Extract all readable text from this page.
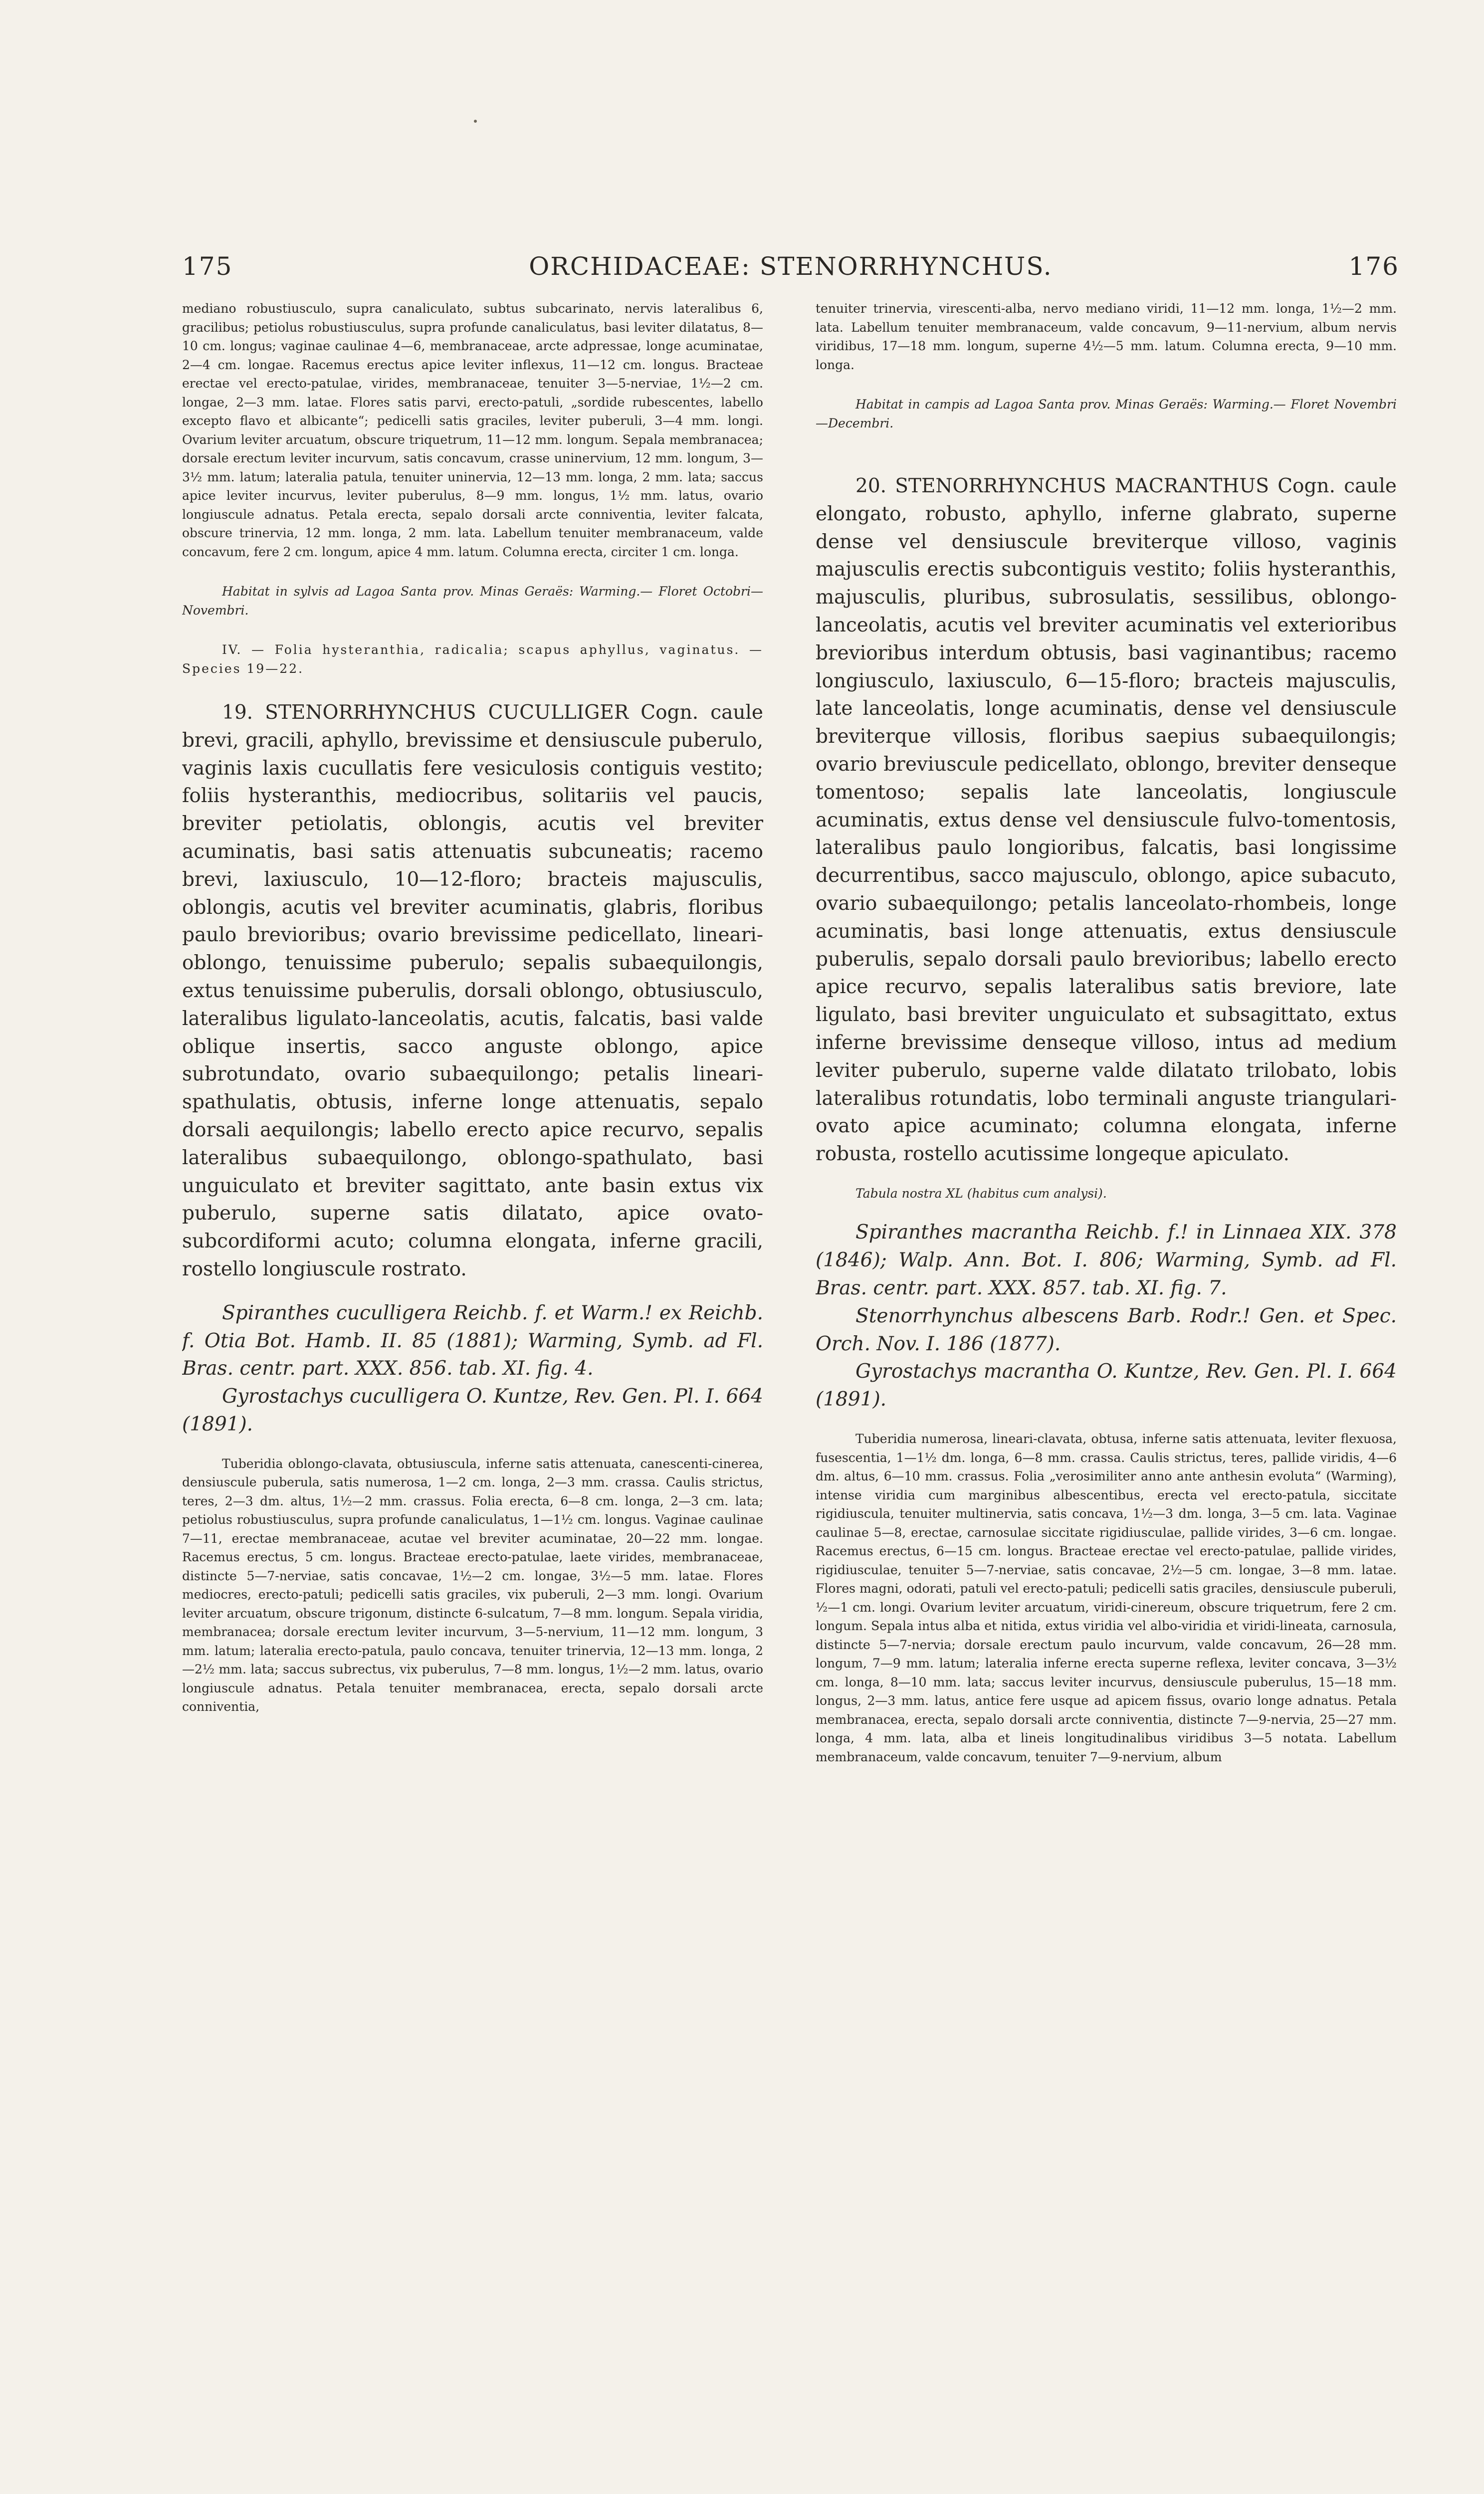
175	ORCHIDACEAE: STENORRHYNCHUS.	176

mediano robustiusculo, supra canaliculato, subtus subcarinato, nervis lateralibus 6, gracilibus; petiolus robustiusculus, supra profunde canaliculatus, basi leviter dilatatus, 8—10 cm. longus; vaginae caulinae 4—6, membranaceae, arcte adpressae, longe acuminatae, 2—4 cm. longae. Racemus erectus apice leviter inflexus, 11—12 cm. longus. Bracteae erectae vel erecto-patulae, virides, membranaceae, tenuiter 3—5-nerviae, 1½—2 cm. longae, 2—3 mm. latae. Flores satis parvi, erecto-patuli, „sordide rubescentes, labello excepto flavo et albicante“; pedicelli satis graciles, leviter puberuli, 3—4 mm. longi. Ovarium leviter arcuatum, obscure triquetrum, 11—12 mm. longum. Sepala membranacea; dorsale erectum leviter incurvum, satis concavum, crasse uninervium, 12 mm. longum, 3—3½ mm. latum; lateralia patula, tenuiter uninervia, 12—13 mm. longa, 2 mm. lata; saccus apice leviter incurvus, leviter puberulus, 8—9 mm. longus, 1½ mm. latus, ovario longiuscule adnatus. Petala erecta, sepalo dorsali arcte conniventia, leviter falcata, obscure trinervia, 12 mm. longa, 2 mm. lata. Labellum tenuiter membranaceum, valde concavum, fere 2 cm. longum, apice 4 mm. latum. Columna erecta, circiter 1 cm. longa.

Habitat in sylvis ad Lagoa Santa prov. Minas Geraës: Warming.— Floret Octobri—Novembri.

IV. — Folia hysteranthia, radicalia; scapus aphyllus, vaginatus. — Species 19—22.

19. STENORRHYNCHUS CUCULLIGER Cogn. caule brevi, gracili, aphyllo, brevissime et densiuscule puberulo, vaginis laxis cucullatis fere vesiculosis contiguis vestito; foliis hysteranthis, mediocribus, solitariis vel paucis, breviter petiolatis, oblongis, acutis vel breviter acuminatis, basi satis attenuatis subcuneatis; racemo brevi, laxiusculo, 10—12-floro; bracteis majusculis, oblongis, acutis vel breviter acuminatis, glabris, floribus paulo brevioribus; ovario brevissime pedicellato, lineari-oblongo, tenuissime puberulo; sepalis subaequilongis, extus tenuissime puberulis, dorsali oblongo, obtusiusculo, lateralibus ligulato-lanceolatis, acutis, falcatis, basi valde oblique insertis, sacco anguste oblongo, apice subrotundato, ovario subaequilongo; petalis lineari-spathulatis, obtusis, inferne longe attenuatis, sepalo dorsali aequilongis; labello erecto apice recurvo, sepalis lateralibus subaequilongo, oblongo-spathulato, basi unguiculato et breviter sagittato, ante basin extus vix puberulo, superne satis dilatato, apice ovato-subcordiformi acuto; columna elongata, inferne gracili, rostello longiuscule rostrato.

Spiranthes cuculligera Reichb. f. et Warm.! ex Reichb. f. Otia Bot. Hamb. II. 85 (1881); Warming, Symb. ad Fl. Bras. centr. part. XXX. 856. tab. XI. fig. 4.

Gyrostachys cuculligera O. Kuntze, Rev. Gen. Pl. I. 664 (1891).

Tuberidia oblongo-clavata, obtusiuscula, inferne satis attenuata, canescenti-cinerea, densiuscule puberula, satis numerosa, 1—2 cm. longa, 2—3 mm. crassa. Caulis strictus, teres, 2—3 dm. altus, 1½—2 mm. crassus. Folia erecta, 6—8 cm. longa, 2—3 cm. lata; petiolus robustiusculus, supra profunde canaliculatus, 1—1½ cm. longus. Vaginae caulinae 7—11, erectae membranaceae, acutae vel breviter acuminatae, 20—22 mm. longae. Racemus erectus, 5 cm. longus. Bracteae erecto-patulae, laete virides, membranaceae, distincte 5—7-nerviae, satis concavae, 1½—2 cm. longae, 3½—5 mm. latae. Flores mediocres, erecto-patuli; pedicelli satis graciles, vix puberuli, 2—3 mm. longi. Ovarium leviter arcuatum, obscure trigonum, distincte 6-sulcatum, 7—8 mm. longum. Sepala viridia, membranacea; dorsale erectum leviter incurvum, 3—5-nervium, 11—12 mm. longum, 3 mm. latum; lateralia erecto-patula, paulo concava, tenuiter trinervia, 12—13 mm. longa, 2—2½ mm. lata; saccus subrectus, vix puberulus, 7—8 mm. longus, 1½—2 mm. latus, ovario longiuscule adnatus. Petala tenuiter membranacea, erecta, sepalo dorsali arcte conniventia,

tenuiter trinervia, virescenti-alba, nervo mediano viridi, 11—12 mm. longa, 1½—2 mm. lata. Labellum tenuiter membranaceum, valde concavum, 9—11-nervium, album nervis viridibus, 17—18 mm. longum, superne 4½—5 mm. latum. Columna erecta, 9—10 mm. longa.

Habitat in campis ad Lagoa Santa prov. Minas Geraës: Warming.— Floret Novembri—Decembri.

20. STENORRHYNCHUS MACRANTHUS Cogn. caule elongato, robusto, aphyllo, inferne glabrato, superne dense vel densiuscule breviterque villoso, vaginis majusculis erectis subcontiguis vestito; foliis hysteranthis, majusculis, pluribus, subrosulatis, sessilibus, oblongo-lanceolatis, acutis vel breviter acuminatis vel exterioribus brevioribus interdum obtusis, basi vaginantibus; racemo longiusculo, laxiusculo, 6—15-floro; bracteis majusculis, late lanceolatis, longe acuminatis, dense vel densiuscule breviterque villosis, floribus saepius subaequilongis; ovario breviuscule pedicellato, oblongo, breviter denseque tomentoso; sepalis late lanceolatis, longiuscule acuminatis, extus dense vel densiuscule fulvo-tomentosis, lateralibus paulo longioribus, falcatis, basi longissime decurrentibus, sacco majusculo, oblongo, apice subacuto, ovario subaequilongo; petalis lanceolato-rhombeis, longe acuminatis, basi longe attenuatis, extus densiuscule puberulis, sepalo dorsali paulo brevioribus; labello erecto apice recurvo, sepalis lateralibus satis breviore, late ligulato, basi breviter unguiculato et subsagittato, extus inferne brevissime denseque villoso, intus ad medium leviter puberulo, superne valde dilatato trilobato, lobis lateralibus rotundatis, lobo terminali anguste triangulari-ovato apice acuminato; columna elongata, inferne robusta, rostello acutissime longeque apiculato.

Tabula nostra XL (habitus cum analysi).

Spiranthes macrantha Reichb. f.! in Linnaea XIX. 378 (1846); Walp. Ann. Bot. I. 806; Warming, Symb. ad Fl. Bras. centr. part. XXX. 857. tab. XI. fig. 7.

Stenorrhynchus albescens Barb. Rodr.! Gen. et Spec. Orch. Nov. I. 186 (1877).

Gyrostachys macrantha O. Kuntze, Rev. Gen. Pl. I. 664 (1891).

Tuberidia numerosa, lineari-clavata, obtusa, inferne satis attenuata, leviter flexuosa, fusescentia, 1—1½ dm. longa, 6—8 mm. crassa. Caulis strictus, teres, pallide viridis, 4—6 dm. altus, 6—10 mm. crassus. Folia „verosimiliter anno ante anthesin evoluta“ (Warming), intense viridia cum marginibus albescentibus, erecta vel erecto-patula, siccitate rigidiuscula, tenuiter multinervia, satis concava, 1½—3 dm. longa, 3—5 cm. lata. Vaginae caulinae 5—8, erectae, carnosulae siccitate rigidiusculae, pallide virides, 3—6 cm. longae. Racemus erectus, 6—15 cm. longus. Bracteae erectae vel erecto-patulae, pallide virides, rigidiusculae, tenuiter 5—7-nerviae, satis concavae, 2½—5 cm. longae, 3—8 mm. latae. Flores magni, odorati, patuli vel erecto-patuli; pedicelli satis graciles, densiuscule puberuli, ½—1 cm. longi. Ovarium leviter arcuatum, viridi-cinereum, obscure triquetrum, fere 2 cm. longum. Sepala intus alba et nitida, extus viridia vel albo-viridia et viridi-lineata, carnosula, distincte 5—7-nervia; dorsale erectum paulo incurvum, valde concavum, 26—28 mm. longum, 7—9 mm. latum; lateralia inferne erecta superne reflexa, leviter concava, 3—3½ cm. longa, 8—10 mm. lata; saccus leviter incurvus, densiuscule puberulus, 15—18 mm. longus, 2—3 mm. latus, antice fere usque ad apicem fissus, ovario longe adnatus. Petala membranacea, erecta, sepalo dorsali arcte conniventia, distincte 7—9-nervia, 25—27 mm. longa, 4 mm. lata, alba et lineis longitudinalibus viridibus 3—5 notata. Labellum membranaceum, valde concavum, tenuiter 7—9-nervium, album
